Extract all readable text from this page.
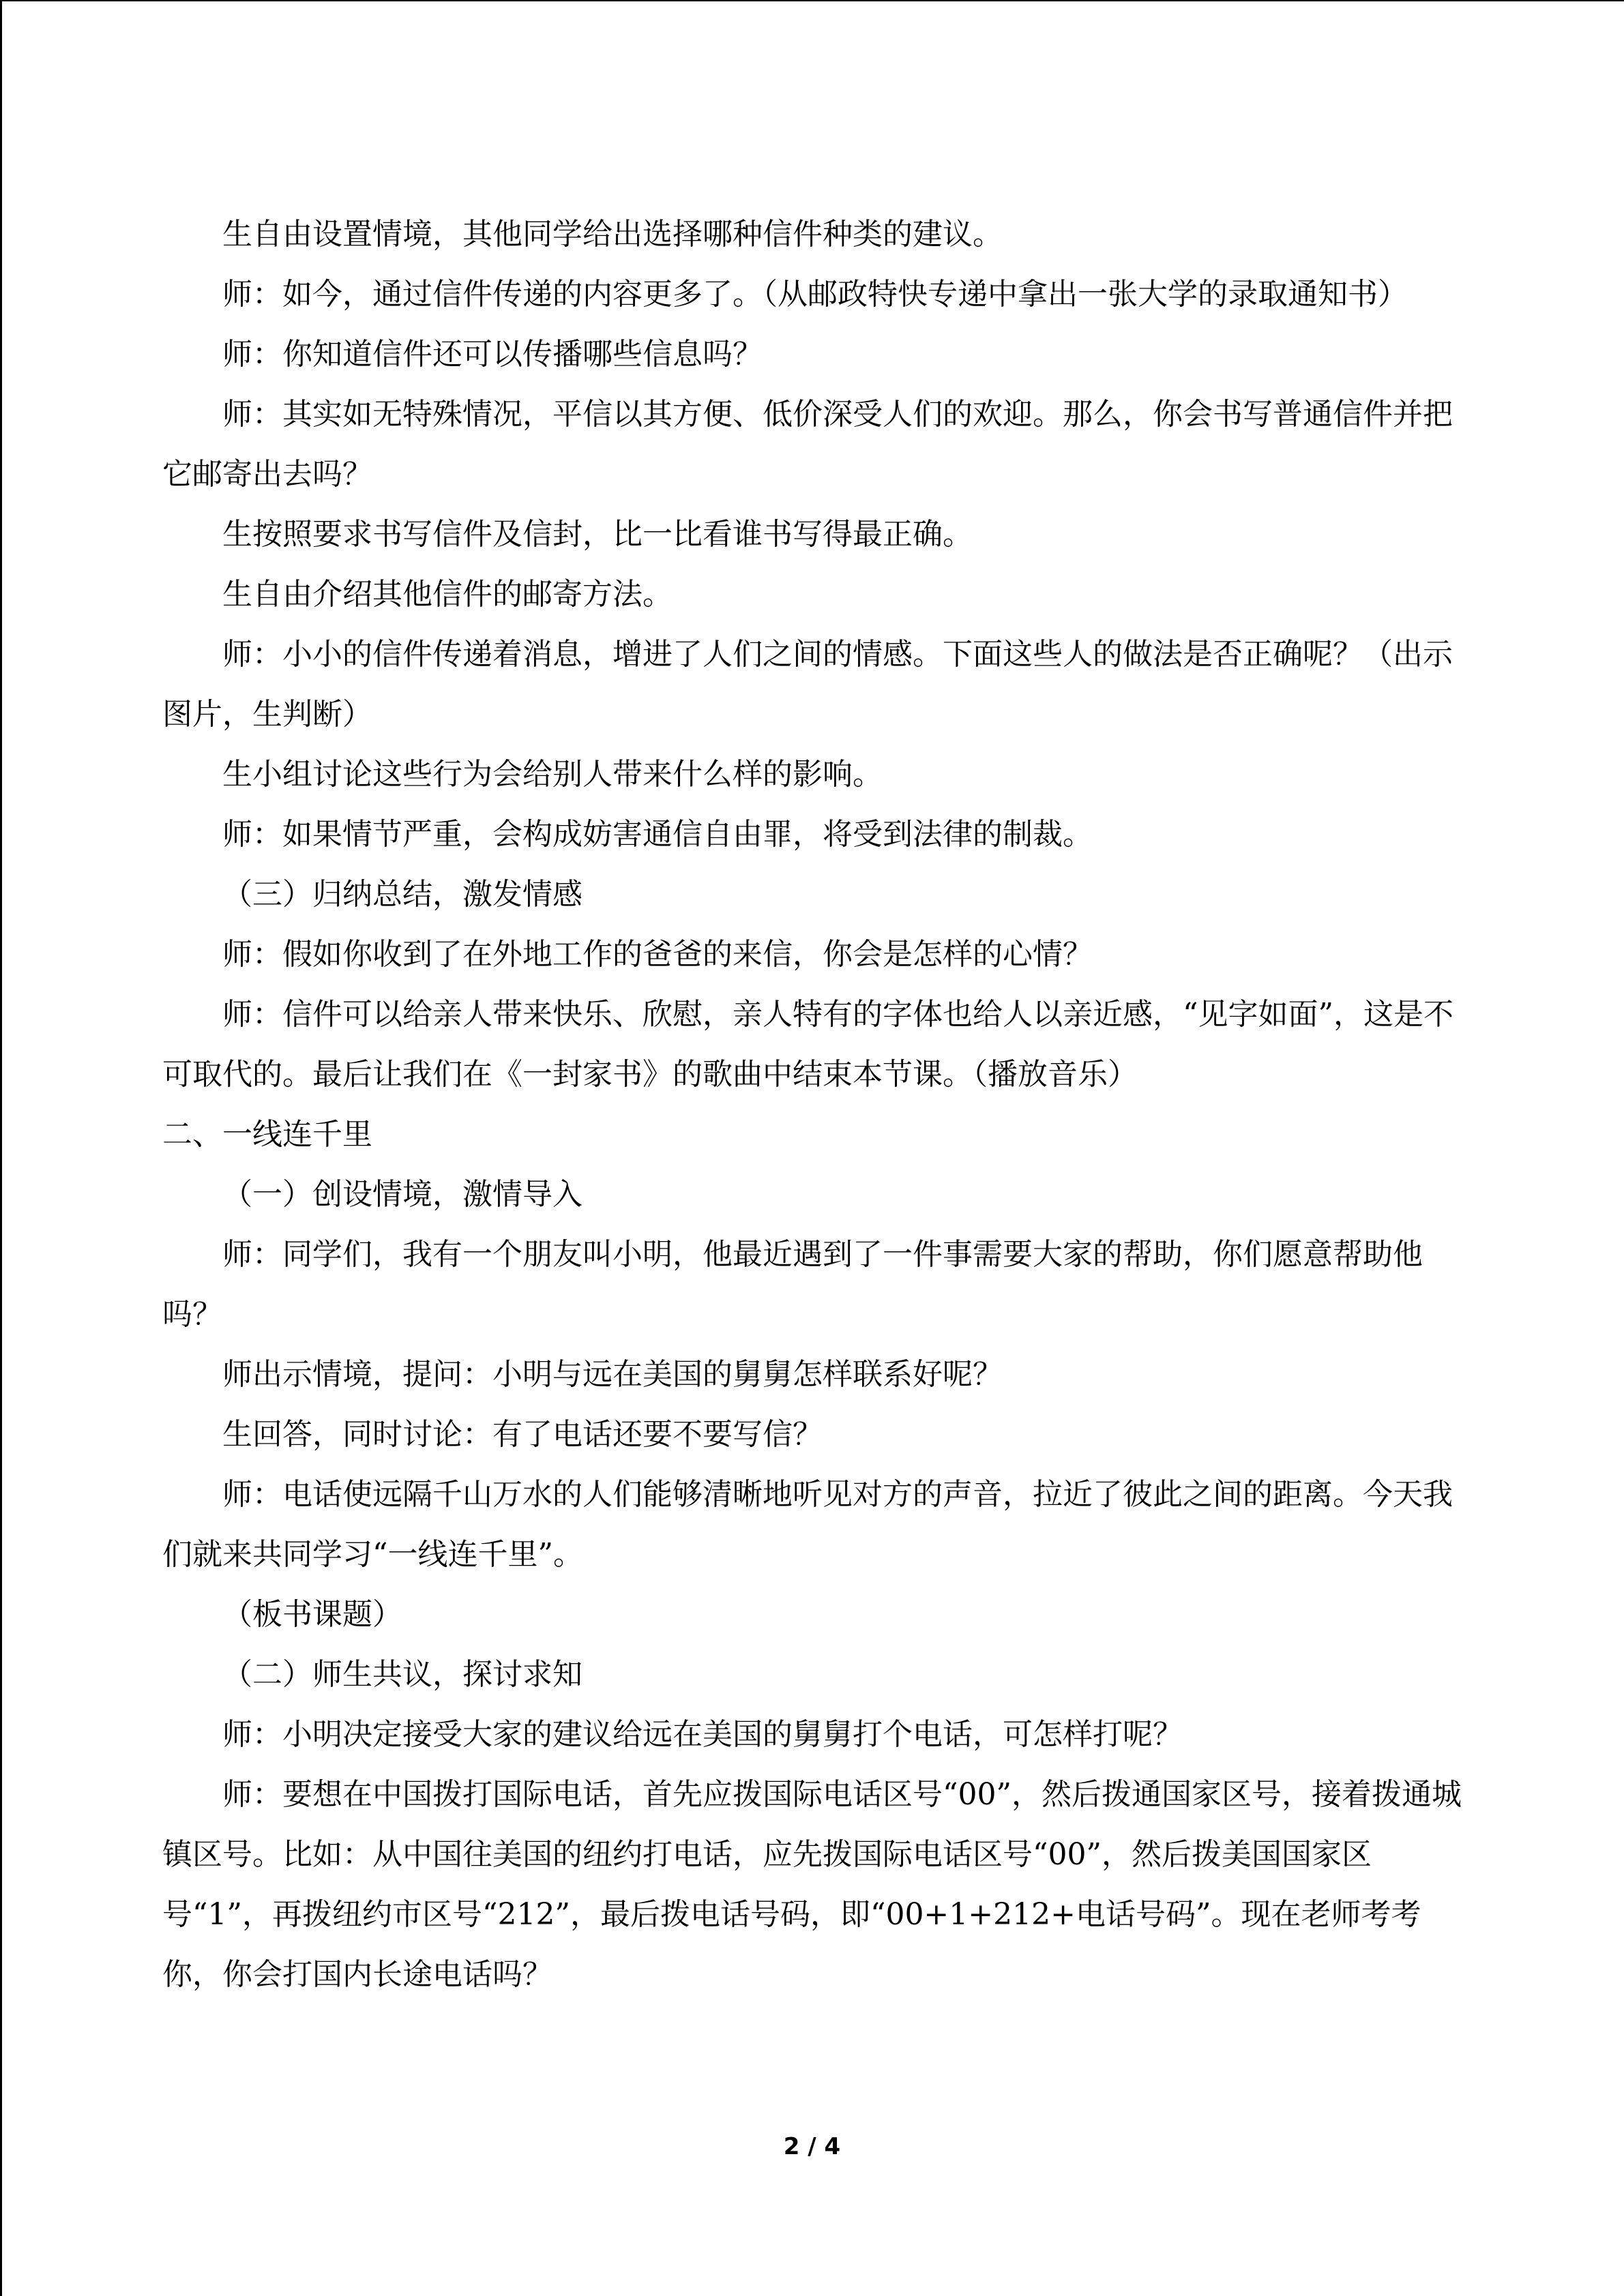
生自由设置情境，其他同学给出选择哪种信件种类的建议。

师：如今，通过信件传递的内容更多了。（从邮政特快专递中拿出一张大学的录取通知书）

师：你知道信件还可以传播哪些信息吗？

师：其实如无特殊情况，平信以其方便、低价深受人们的欢迎。那么，你会书写普通信件并把它邮寄出去吗？

生按照要求书写信件及信封，比一比看谁书写得最正确。

生自由介绍其他信件的邮寄方法。

师：小小的信件传递着消息，增进了人们之间的情感。下面这些人的做法是否正确呢？（出示图片，生判断）

生小组讨论这些行为会给别人带来什么样的影响。

师：如果情节严重，会构成妨害通信自由罪，将受到法律的制裁。

（三）归纳总结，激发情感

师：假如你收到了在外地工作的爸爸的来信，你会是怎样的心情？

师：信件可以给亲人带来快乐、欣慰，亲人特有的字体也给人以亲近感，“见字如面”，这是不可取代的。最后让我们在《一封家书》的歌曲中结束本节课。（播放音乐）

二、一线连千里

（一）创设情境，激情导入

师：同学们，我有一个朋友叫小明，他最近遇到了一件事需要大家的帮助，你们愿意帮助他吗？

师出示情境，提问：小明与远在美国的舅舅怎样联系好呢？

生回答，同时讨论：有了电话还要不要写信？

师：电话使远隔千山万水的人们能够清晰地听见对方的声音，拉近了彼此之间的距离。今天我们就来共同学习“一线连千里”。

（板书课题）

（二）师生共议，探讨求知

师：小明决定接受大家的建议给远在美国的舅舅打个电话，可怎样打呢？

师：要想在中国拨打国际电话，首先应拨国际电话区号“00”，然后拨通国家区号，接着拨通城镇区号。比如：从中国往美国的纽约打电话，应先拨国际电话区号“00”，然后拨美国国家区号“1”，再拨纽约市区号“212”，最后拨电话号码，即“00+1+212+电话号码”。现在老师考考你，你会打国内长途电话吗？

2 / 4
